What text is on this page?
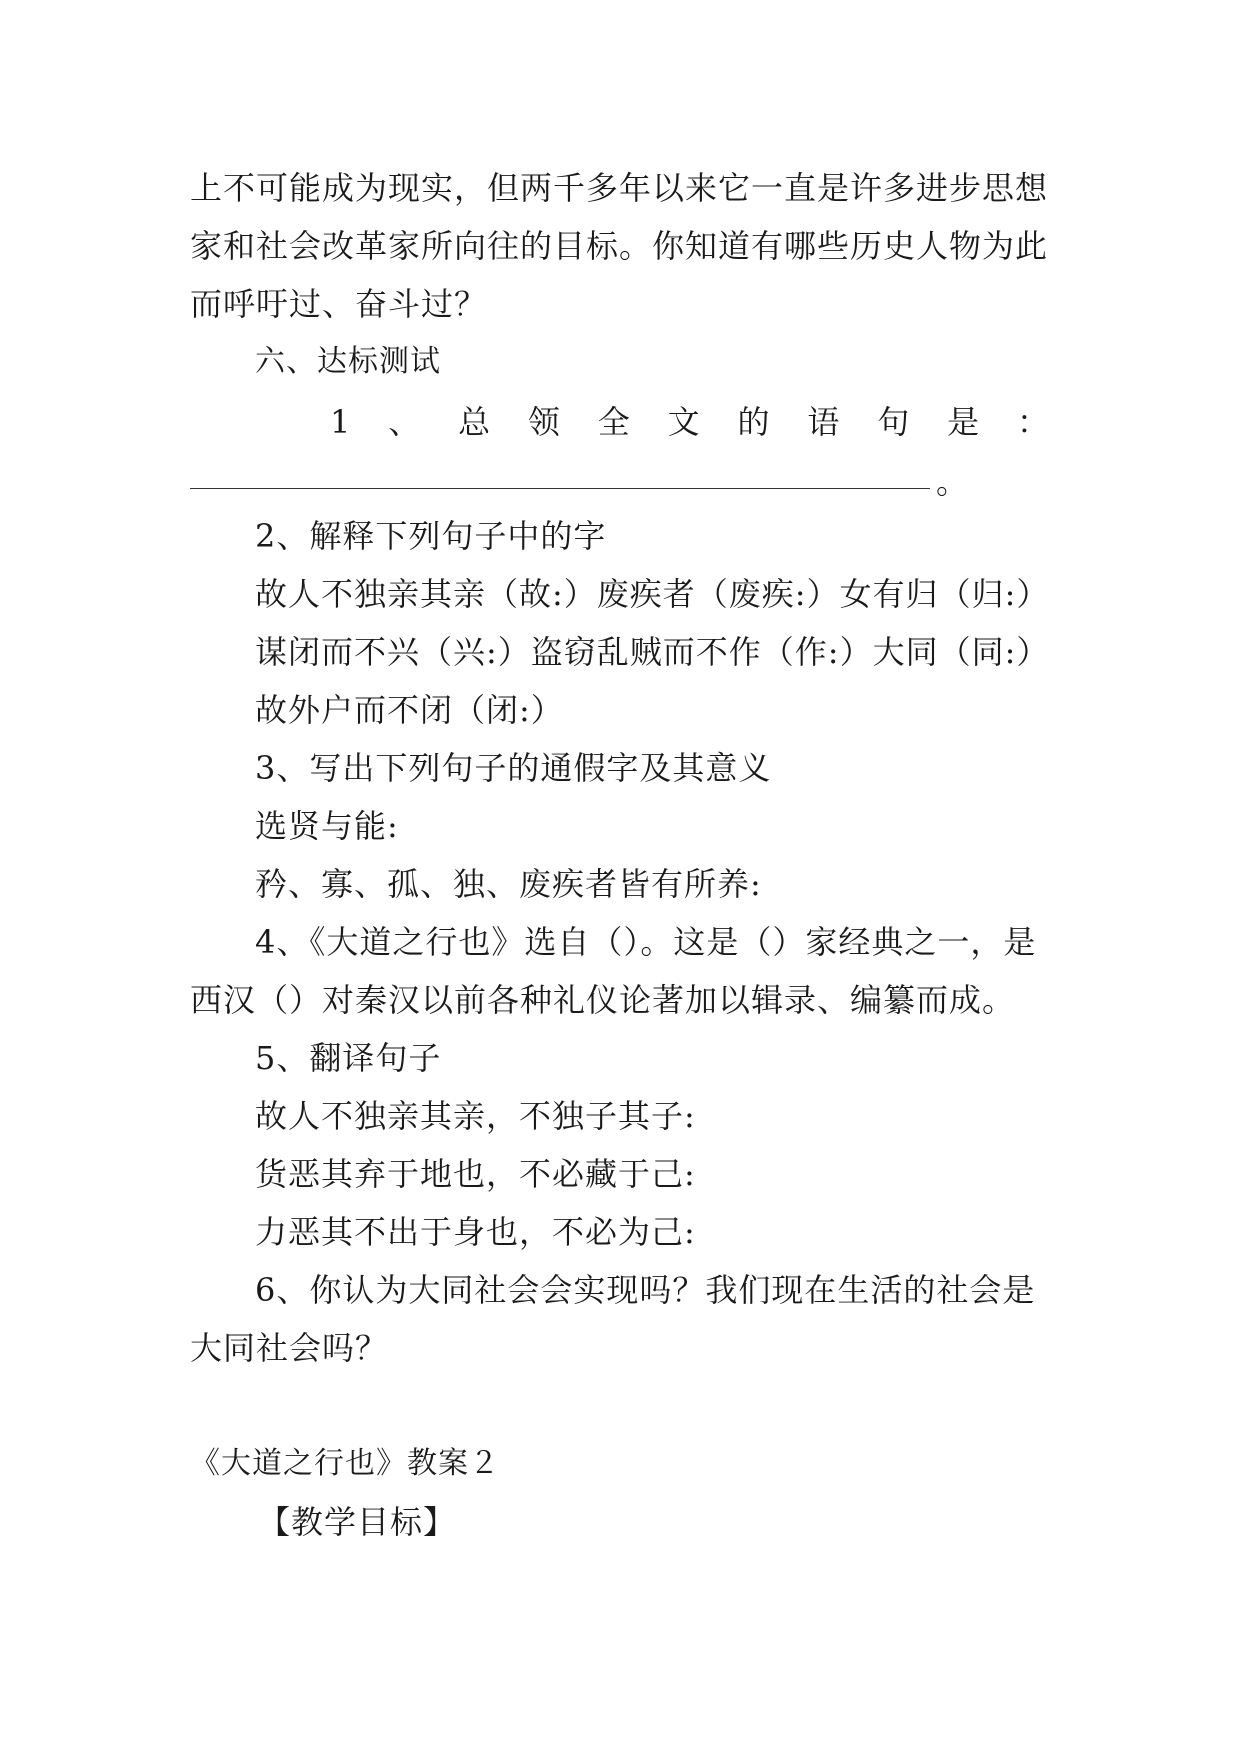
上不可能成为现实，但两千多年以来它一直是许多进步思想
家和社会改革家所向往的目标。你知道有哪些历史人物为此
而呼吁过、奋斗过？
六、达标测试
1 、 总 领 全 文 的 语 句 是 ：
。
2、解释下列句子中的字
故人不独亲其亲（故:）废疾者（废疾:）女有归（归:）
谋闭而不兴（兴:）盗窃乱贼而不作（作:）大同（同:）
故外户而不闭（闭:）
3、写出下列句子的通假字及其意义
选贤与能:
矜、寡、孤、独、废疾者皆有所养:
4、《大道之行也》选自（）。这是（）家经典之一，是
西汉（）对秦汉以前各种礼仪论著加以辑录、编纂而成。
5、翻译句子
故人不独亲其亲，不独子其子:
货恶其弃于地也，不必藏于己:
力恶其不出于身也，不必为己:
6、你认为大同社会会实现吗？我们现在生活的社会是
大同社会吗？
《大道之行也》教案２
【教学目标】
